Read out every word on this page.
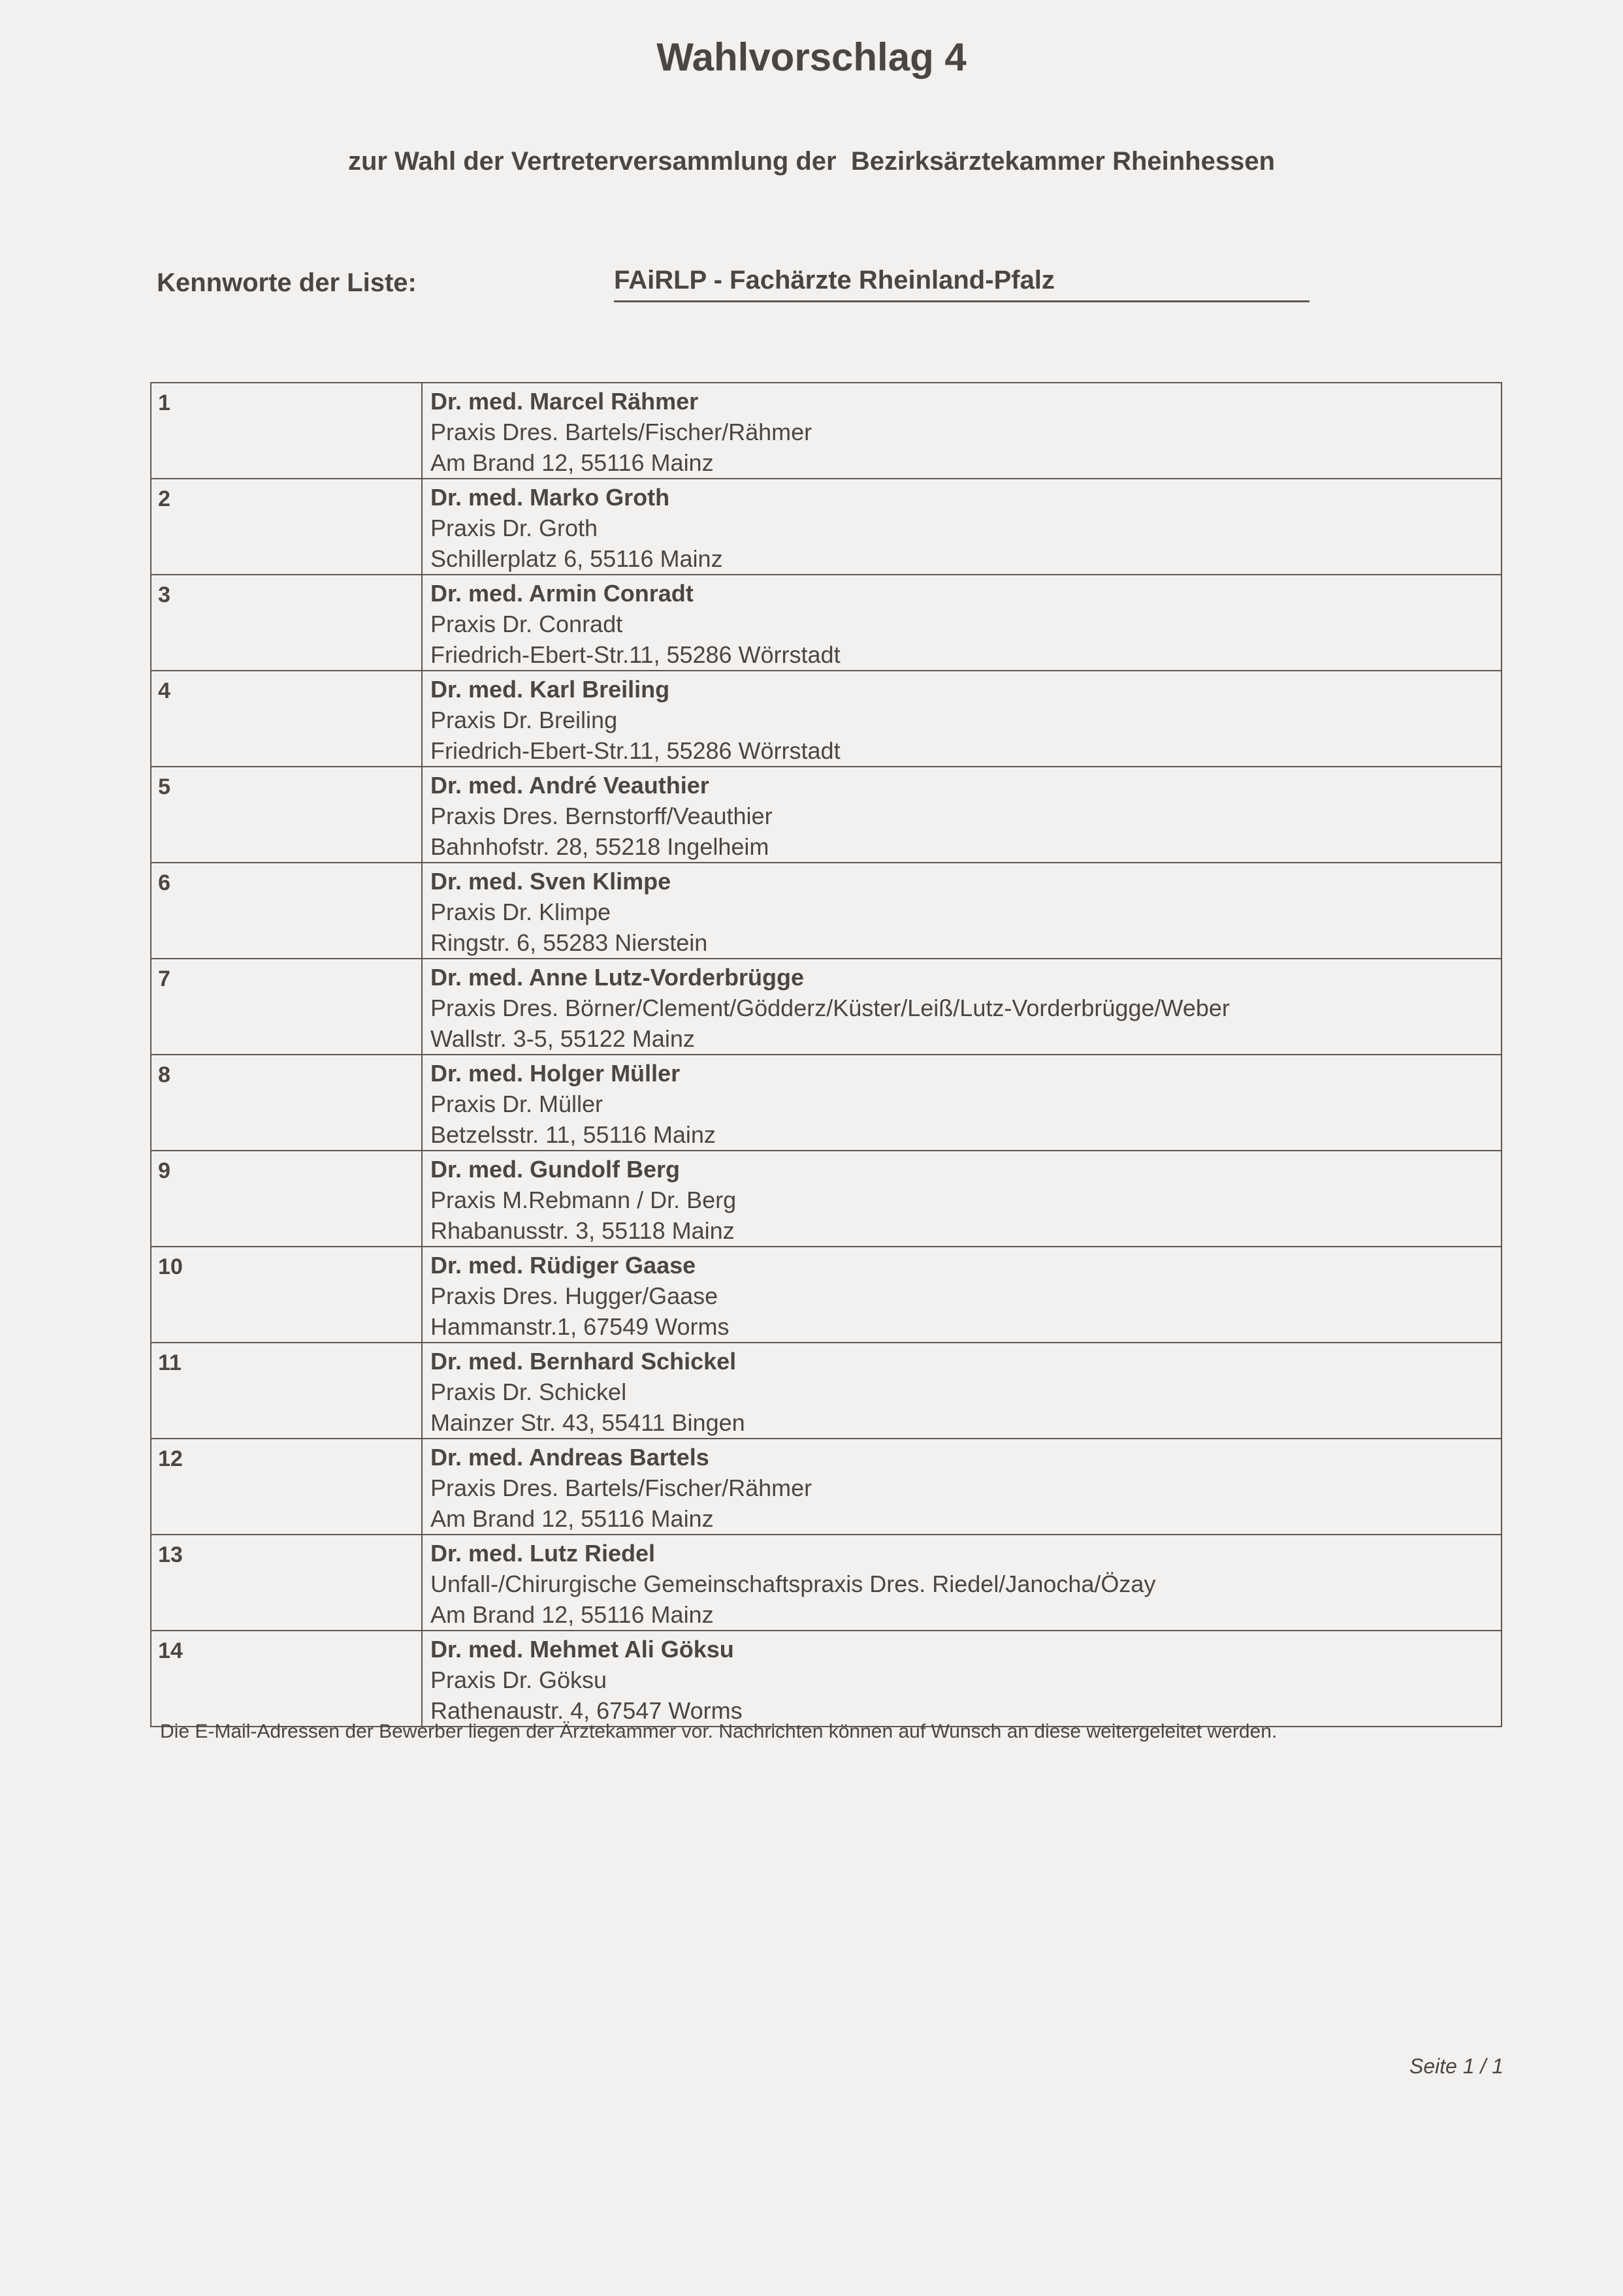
Wahlvorschlag 4
zur Wahl der Vertreterversammlung der  Bezirksärztekammer Rheinhessen
Kennworte der Liste:	FAiRLP - Fachärzte Rheinland-Pfalz
1	Dr. med. Marcel Rähmer
Praxis Dres. Bartels/Fischer/Rähmer
Am Brand 12, 55116 Mainz

2	Dr. med. Marko Groth
Praxis Dr. Groth
Schillerplatz 6, 55116 Mainz

3	Dr. med. Armin Conradt
Praxis Dr. Conradt
Friedrich-Ebert-Str.11, 55286 Wörrstadt

4	Dr. med. Karl Breiling
Praxis Dr. Breiling
Friedrich-Ebert-Str.11, 55286 Wörrstadt

5	Dr. med. André Veauthier
Praxis Dres. Bernstorff/Veauthier
Bahnhofstr. 28, 55218 Ingelheim

6	Dr. med. Sven Klimpe
Praxis Dr. Klimpe
Ringstr. 6, 55283 Nierstein

7	Dr. med. Anne Lutz-Vorderbrügge
Praxis Dres. Börner/Clement/Gödderz/Küster/Leiß/Lutz-Vorderbrügge/Weber
Wallstr. 3-5, 55122 Mainz

8	Dr. med. Holger Müller
Praxis Dr. Müller
Betzelsstr. 11, 55116 Mainz

9	Dr. med. Gundolf Berg
Praxis M.Rebmann / Dr. Berg
Rhabanusstr. 3, 55118 Mainz

10	Dr. med. Rüdiger Gaase
Praxis Dres. Hugger/Gaase
Hammanstr.1, 67549 Worms

11	Dr. med. Bernhard Schickel
Praxis Dr. Schickel
Mainzer Str. 43, 55411 Bingen

12	Dr. med. Andreas Bartels
Praxis Dres. Bartels/Fischer/Rähmer
Am Brand 12, 55116 Mainz

13	Dr. med. Lutz Riedel
Unfall-/Chirurgische Gemeinschaftspraxis Dres. Riedel/Janocha/Özay
Am Brand 12, 55116 Mainz

14	Dr. med. Mehmet Ali Göksu
Praxis Dr. Göksu
Rathenaustr. 4, 67547 Worms
Die E-Mail-Adressen der Bewerber liegen der Ärztekammer vor. Nachrichten können auf Wunsch an diese weitergeleitet werden.
Seite 1 / 1
